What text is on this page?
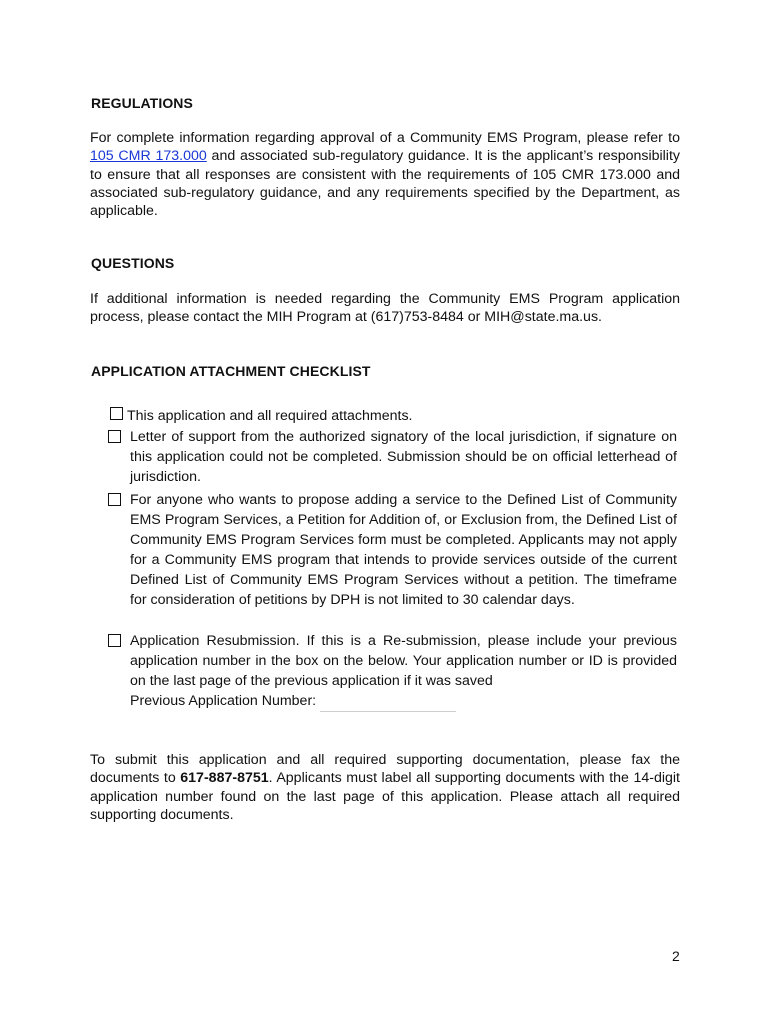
REGULATIONS
For complete information regarding approval of a Community EMS Program, please refer to 105 CMR 173.000 and associated sub-regulatory guidance. It is the applicant’s responsibility to ensure that all responses are consistent with the requirements of 105 CMR 173.000 and associated sub-regulatory guidance, and any requirements specified by the Department, as applicable.
QUESTIONS
If additional information is needed regarding the Community EMS Program application process, please contact the MIH Program at (617)753-8484 or MIH@state.ma.us.
APPLICATION ATTACHMENT CHECKLIST
This application and all required attachments.
Letter of support from the authorized signatory of the local jurisdiction, if signature on this application could not be completed. Submission should be on official letterhead of jurisdiction.
For anyone who wants to propose adding a service to the Defined List of Community EMS Program Services, a Petition for Addition of, or Exclusion from, the Defined List of Community EMS Program Services form must be completed. Applicants may not apply for a Community EMS program that intends to provide services outside of the current Defined List of Community EMS Program Services without a petition. The timeframe for consideration of petitions by DPH is not limited to 30 calendar days.
Application Resubmission. If this is a Re-submission, please include your previous application number in the box on the below. Your application number or ID is provided on the last page of the previous application if it was saved
Previous Application Number:
To submit this application and all required supporting documentation, please fax the documents to 617-887-8751. Applicants must label all supporting documents with the 14-digit application number found on the last page of this application. Please attach all required supporting documents.
2
